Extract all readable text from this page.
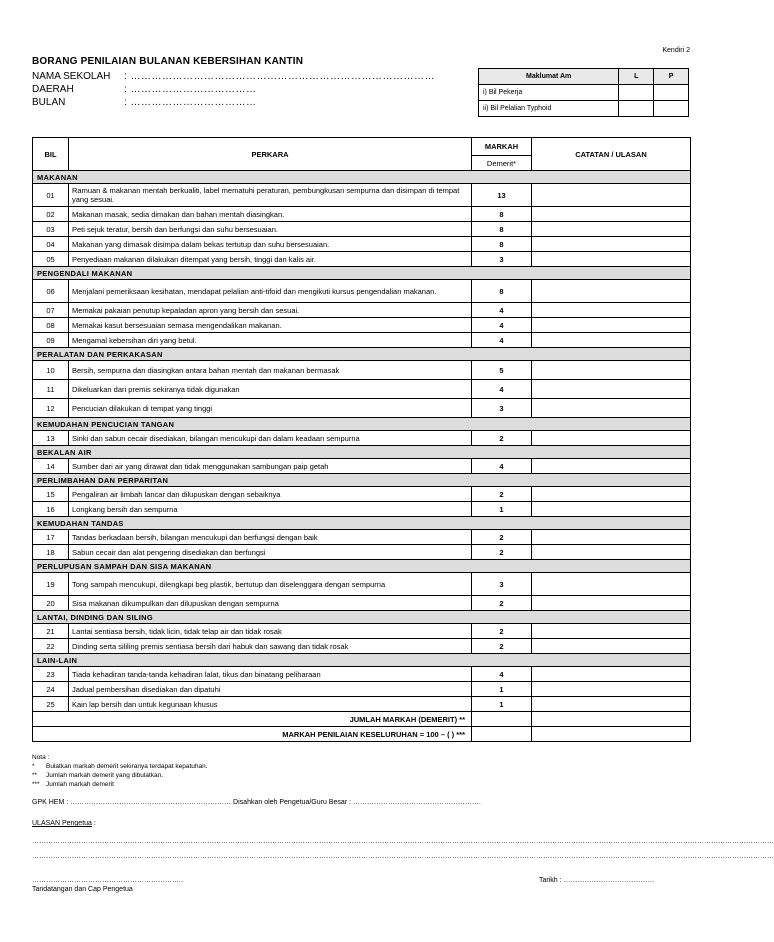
Kendiri 2
BORANG PENILAIAN BULANAN KEBERSIHAN KANTIN
NAMA SEKOLAH : ……………………………………………………………………………
DAERAH	: ………………………………
BULAN	: ………………………………
Maklumat Am	L	P
i) Bil Pekerja		
ii) Bil Pelalian Typhoid		
BIL	PERKARA	MARKAH	CATATAN / ULASAN
		Demerit*	
MAKANAN			
01	Ramuan & makanan mentah berkualiti, label mematuhi peraturan, pembungkusan sempurna dan disimpan di tempat yang sesuai.	13	
02	Makanan masak, sedia dimakan dan bahan mentah diasingkan.	8	
03	Peti sejuk teratur, bersih dan berfungsi dan suhu bersesuaian.	8	
04	Makanan yang dimasak disimpa dalam bekas tertutup dan suhu bersesuaian.	8	
05	Penyediaan makanan dilakukan ditempat yang bersih, tinggi dan kalis air.	3	
PENGENDALI MAKANAN			
06	Menjalani pemeriksaan kesihatan, mendapat pelalian anti-tifoid dan mengikuti kursus pengendalian makanan.	8	
07	Memakai pakaian penutup kepaladan apron yang bersih dan sesuai.	4	
08	Memakai kasut bersesuaian semasa mengendalikan makanan.	4	
09	Mengamal kebersihan diri yang betul.	4	
PERALATAN DAN PERKAKASAN			
10	Bersih, sempurna dan diasingkan antara bahan mentah dan makanan bermasak	5	
11	Dikeluarkan dari premis sekiranya tidak digunakan	4	
12	Pencucian dilakukan di tempat yang tinggi	3	
KEMUDAHAN PENCUCIAN TANGAN			
13	Sinki dan sabun cecair disediakan, bilangan mencukupi dan dalam keadaan sempurna	2	
BEKALAN AIR			
14	Sumber dari air yang dirawat dan tidak menggunakan sambungan paip getah	4	
PERLIMBAHAN DAN PERPARITAN			
15	Pengaliran air limbah lancar dan dilupuskan dengan sebaiknya	2	
16	Longkang bersih dan sempurna	1	
KEMUDAHAN TANDAS			
17	Tandas berkadaan bersih, bilangan mencukupi dan berfungsi dengan baik	2	
18	Sabun cecair dan alat pengering disediakan dan berfungsi	2	
PERLUPUSAN SAMPAH DAN SISA MAKANAN			
19	Tong sampah mencukupi, dilengkapi beg plastik, bertutup dan diselenggara dengan sempurna	3	
20	Sisa makanan dikumpulkan dan dilupuskan dengan sempurna	2	
LANTAI, DINDING DAN SILING			
21	Lantai sentiasa bersih, tidak licin, tidak telap air dan tidak rosak	2	
22	Dinding serta sililing premis sentiasa bersih dari habuk dan sawang dan tidak rosak	2	
LAIN-LAIN			
23	Tiada kehadiran tanda-tanda kehadiran lalat, tikus dan binatang peliharaan	4	
24	Jadual pembersihan disediakan dan dipatuhi	1	
25	Kain lap bersih dan untuk kegunaan khusus	1	
JUMLAH MARKAH (DEMERIT) **			
MARKAH PENILAIAN KESELURUHAN = 100 – ( ) ***			
Nota :
* Bulatkan markah demerit sekiranya terdapat kepatuhan.
** Jumlah markah demerit yang dibulatkan.
*** Jumlah markah demerit
GPK HEM : …………………………………………………………… Disahkan oleh Pengetua/Guru Besar : ……………………………………………….
ULASAN Pengetua :
…………………………………………………………………………………………………………………………………………………………………………………………………………………………………………………………………………………………
…………………………………………………………………………………………………………………………………………………………………………………………………………………………………………………………………………………………
………………………………………………………..	Tarikh : …………………………………
Tandatangan dan Cap Pengetua
